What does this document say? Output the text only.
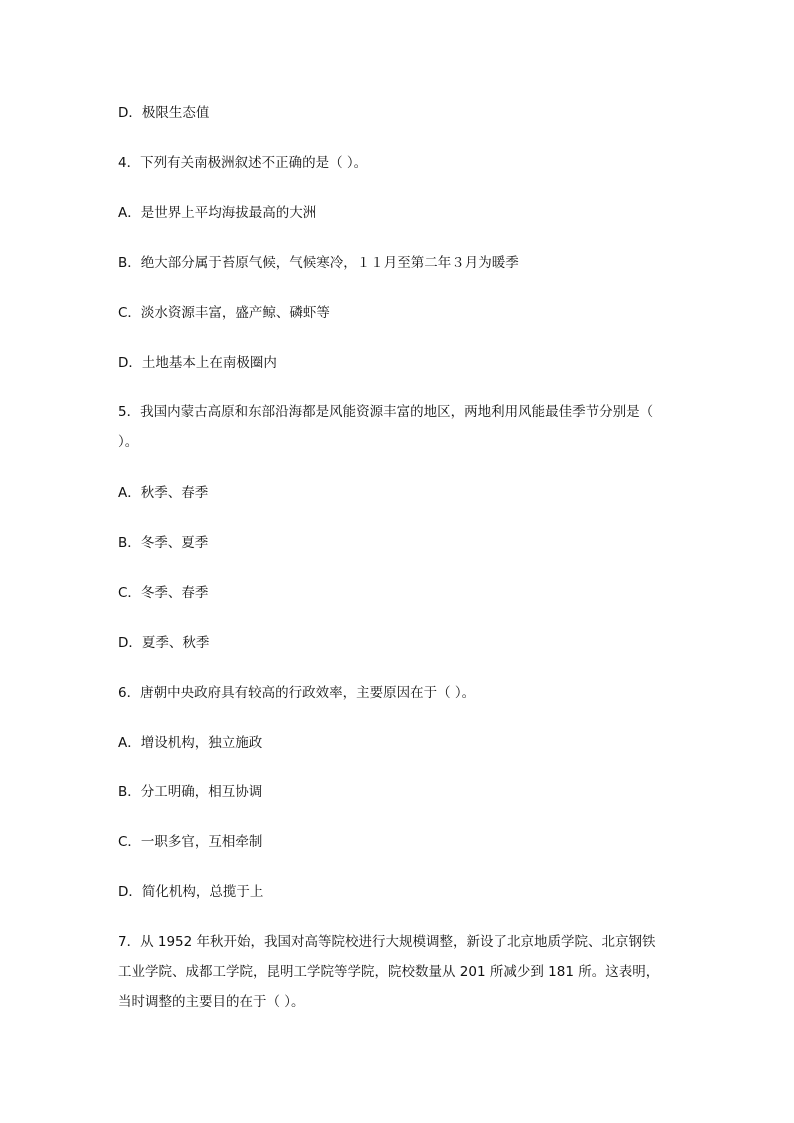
D．极限生态值
4．下列有关南极洲叙述不正确的是（ ）。
A．是世界上平均海拔最高的大洲
B．绝大部分属于苔原气候，气候寒冷，１１月至第二年３月为暖季
C．淡水资源丰富，盛产鲸、磷虾等
D．土地基本上在南极圈内
5．我国内蒙古高原和东部沿海都是风能资源丰富的地区，两地利用风能最佳季节分别是（
）。
A．秋季、春季
B．冬季、夏季
C．冬季、春季
D．夏季、秋季
6．唐朝中央政府具有较高的行政效率，主要原因在于（ ）。
A．增设机构，独立施政
B．分工明确，相互协调
C．一职多官，互相牵制
D．简化机构，总揽于上
7．从 1952 年秋开始，我国对高等院校进行大规模调整，新设了北京地质学院、北京钢铁
工业学院、成都工学院，昆明工学院等学院，院校数量从 201 所减少到 181 所。这表明，
当时调整的主要目的在于（ ）。
